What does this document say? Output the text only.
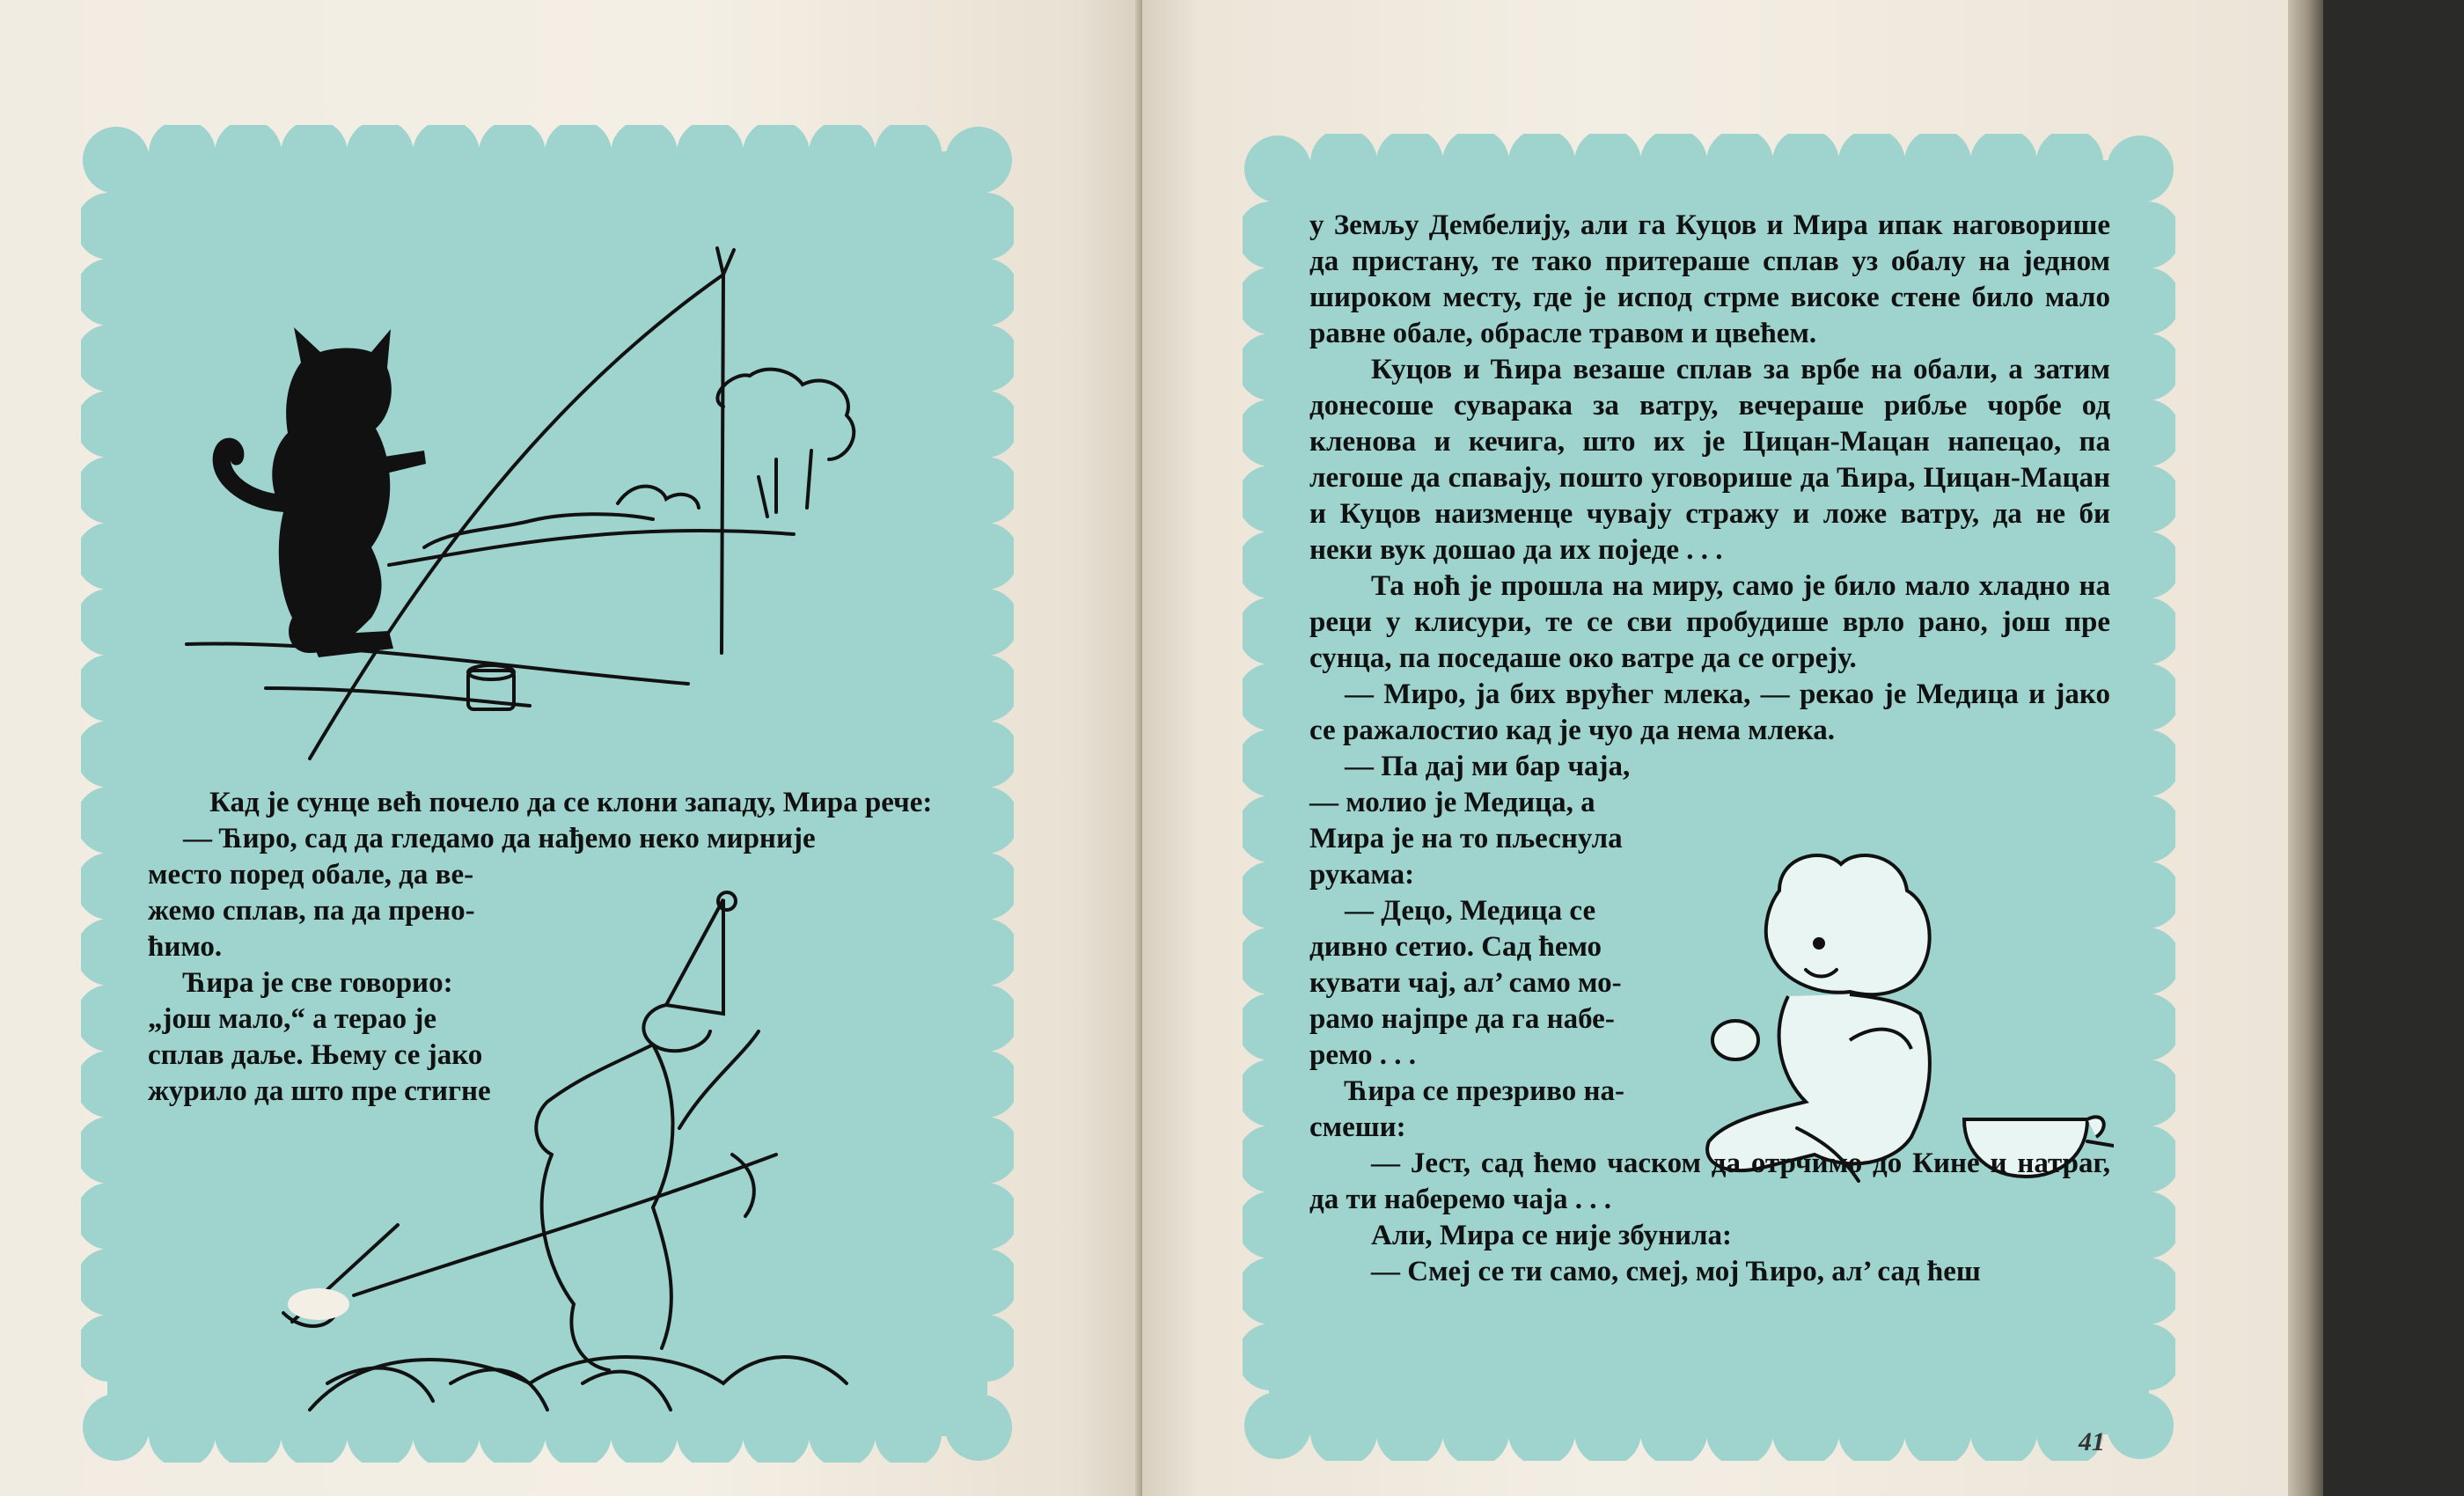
Кад је сунце већ почело да се клони западу, Мира рече:

— Ћиро, сад да гледамо да нађемо неко мирније

место поред обале, да ве-

жемо сплав, па да прено-

ћимо.

Ћира је све говорио:

„још мало,“ а терао је

сплав даље. Њему се јако

журило да што пре стигне

у Земљу Дембелију, али га Куцов и Мира ипак наговорише да пристану, те тако притераше сплав уз обалу на једном широком месту, где је испод стрме високе стене било мало равне обале, обрасле травом и цвећем.

Куцов и Ћира везаше сплав за врбе на обали, а затим донесоше суварака за ватру, вечераше рибље чорбе од кленова и кечига, што их је Цицан-Мацан напецао, па легоше да спавају, пошто уговорише да Ћира, Цицан-Мацан и Куцов наизменце чувају стражу и ложе ватру, да не би неки вук дошао да их поједе . . .

Та ноћ је прошла на миру, само је било мало хладно на реци у клисури, те се сви пробудише врло рано, још пре сунца, па поседаше око ватре да се огреју.

— Миро, ја бих врућег млека, — рекао је Медица и јако се ражалостио кад је чуо да нема млека.

— Па дај ми бар чаја,

— молио је Медица, а

Мира је на то пљеснула

рукама:

— Децо, Медица се

дивно сетио. Сад ћемо

кувати чај, ал’ само мо-

рамо најпре да га набе-

ремо . . .

Ћира се презриво на-

смеши:

— Јест, сад ћемо часком да отрчимо до Кине и натраг, да ти наберемо чаја . . .

Али, Мира се није збунила:

— Смеј се ти само, смеј, мој Ћиро, ал’ сад ћеш

41
